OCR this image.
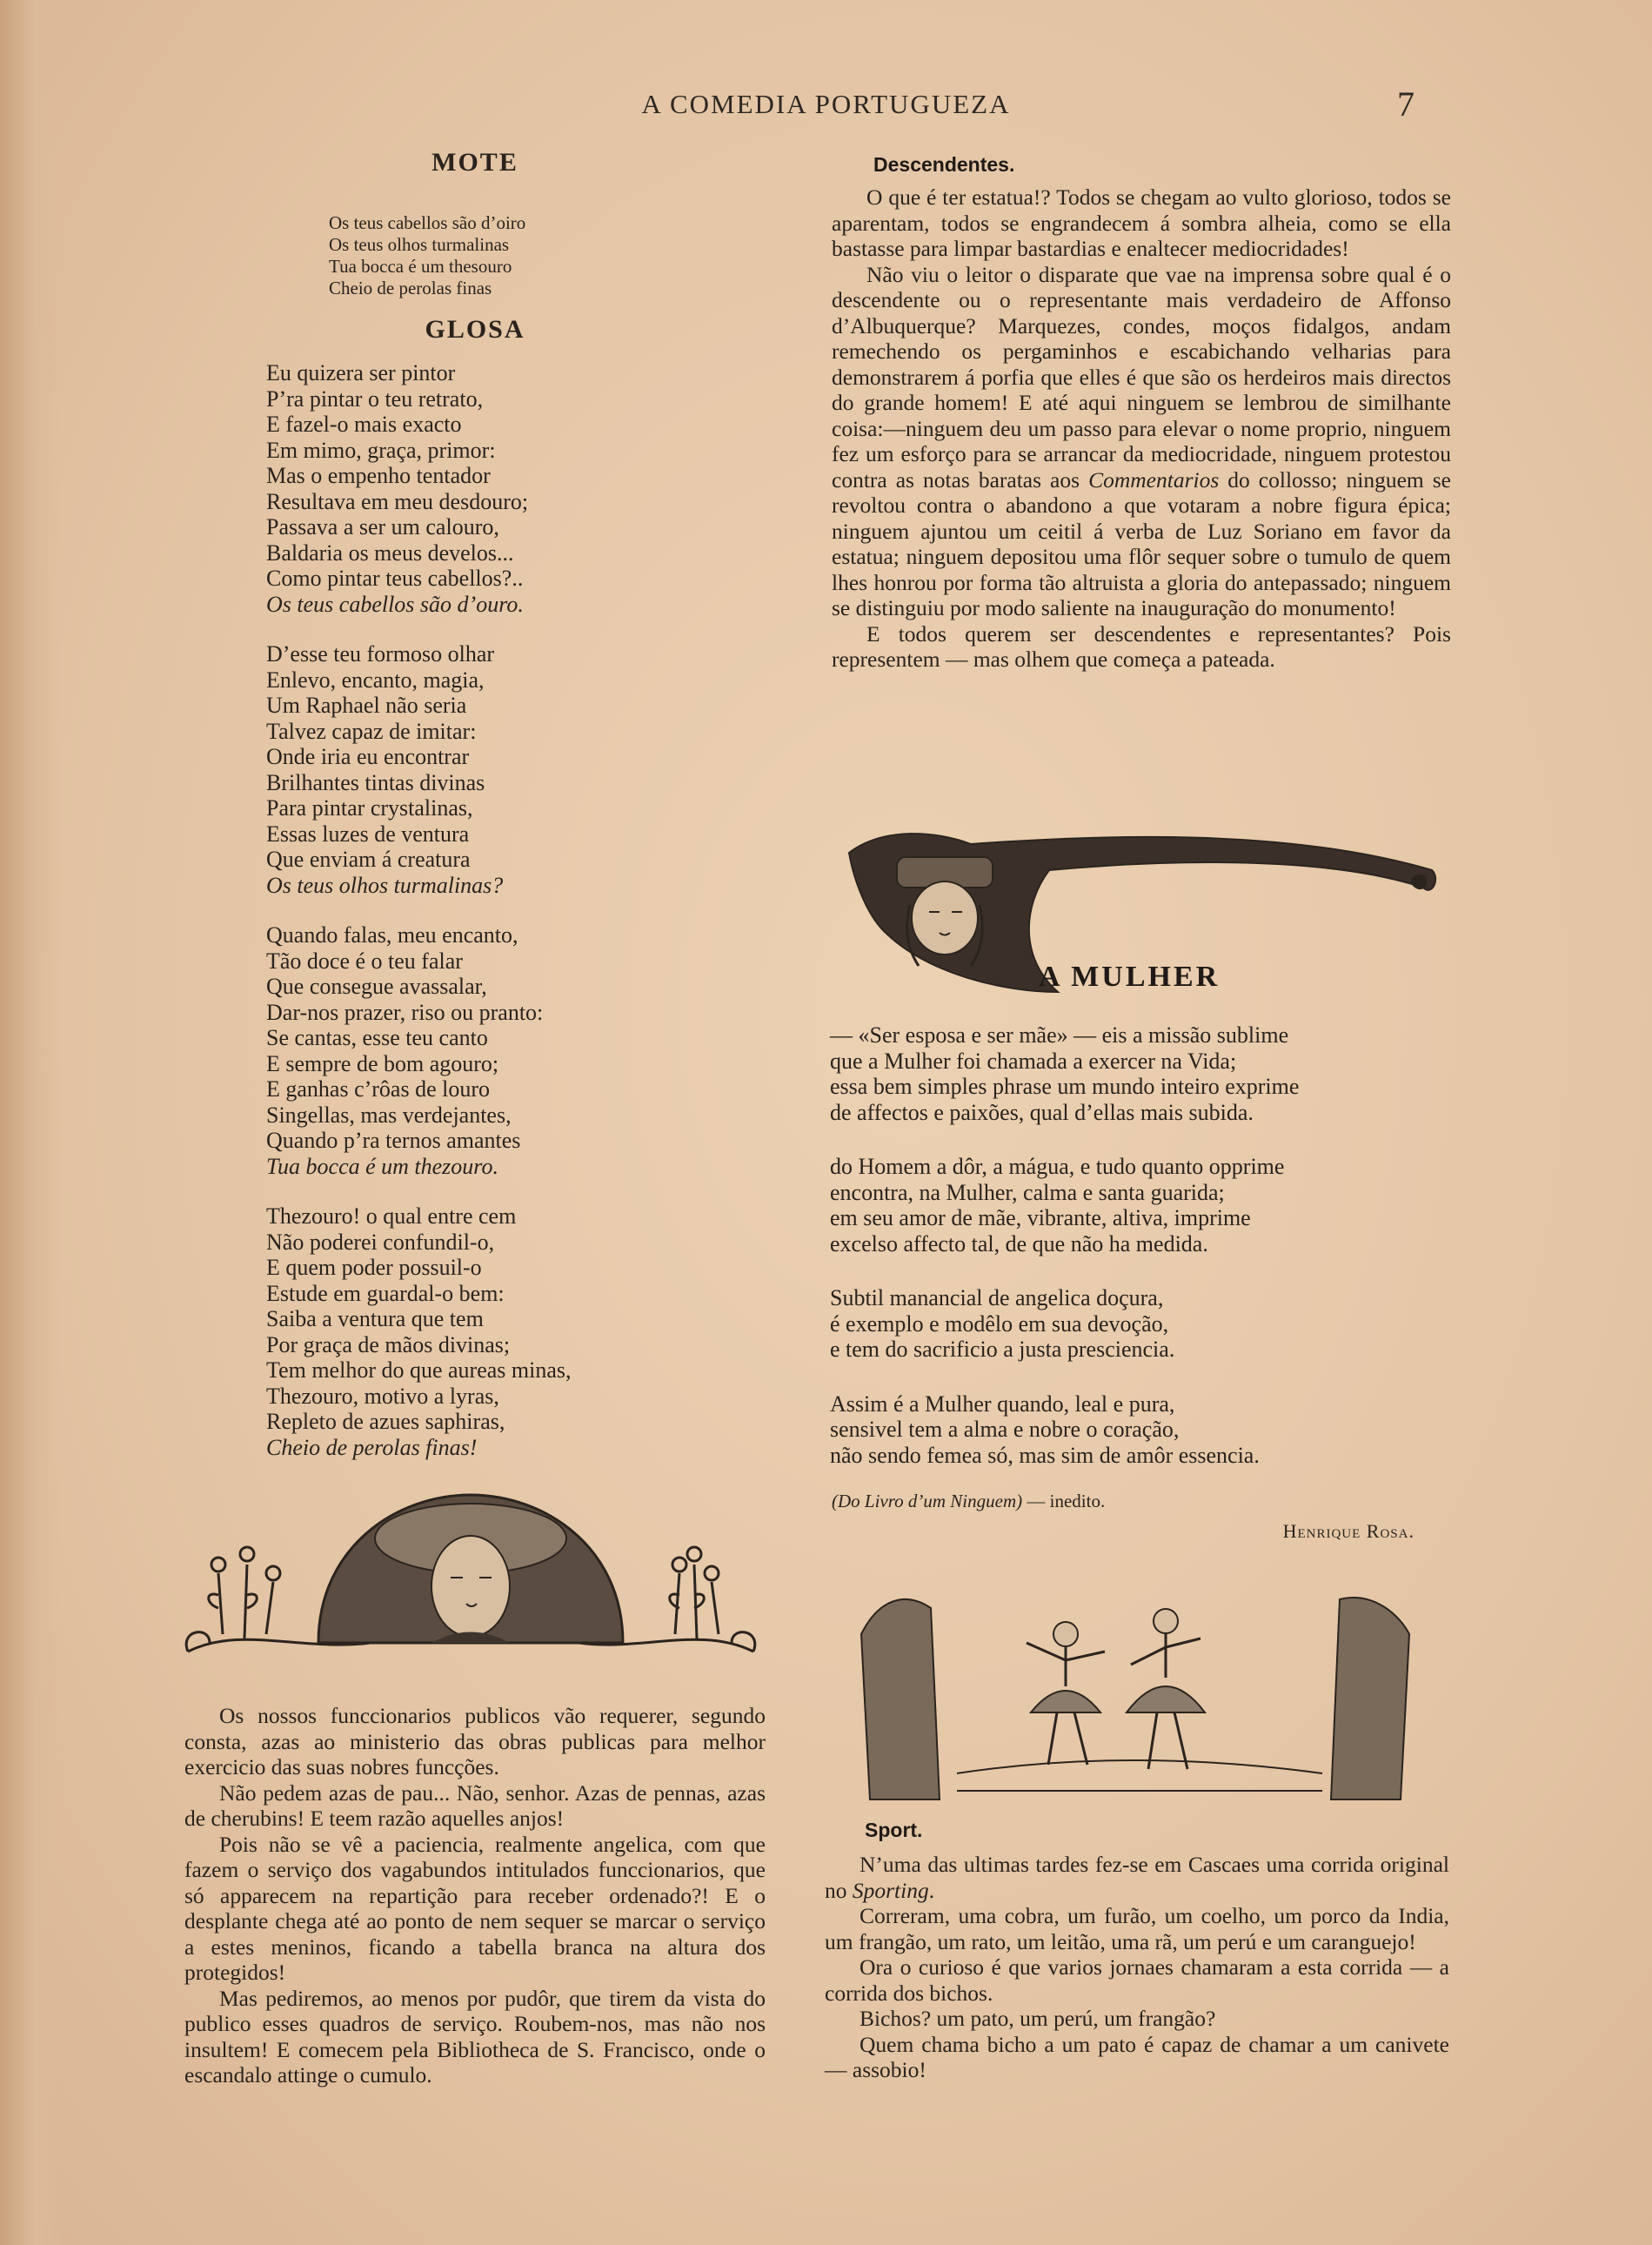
A COMEDIA PORTUGUEZA	7
MOTE
Os teus cabellos são d’oiro
Os teus olhos turmalinas
Tua bocca é um thesouro
Cheio de perolas finas
GLOSA
Eu quizera ser pintor
P’ra pintar o teu retrato,
E fazel-o mais exacto
Em mimo, graça, primor:
Mas o empenho tentador
Resultava em meu desdouro;
Passava a ser um calouro,
Baldaria os meus develos...
Como pintar teus cabellos?..
Os teus cabellos são d’ouro.
D’esse teu formoso olhar
Enlevo, encanto, magia,
Um Raphael não seria
Talvez capaz de imitar:
Onde iria eu encontrar
Brilhantes tintas divinas
Para pintar crystalinas,
Essas luzes de ventura
Que enviam á creatura
Os teus olhos turmalinas?
Quando falas, meu encanto,
Tão doce é o teu falar
Que consegue avassalar,
Dar-nos prazer, riso ou pranto:
Se cantas, esse teu canto
E sempre de bom agouro;
E ganhas c’rôas de louro
Singellas, mas verdejantes,
Quando p’ra ternos amantes
Tua bocca é um thezouro.
Thezouro! o qual entre cem
Não poderei confundil-o,
E quem poder possuil-o
Estude em guardal-o bem:
Saiba a ventura que tem
Por graça de mãos divinas;
Tem melhor do que aureas minas,
Thezouro, motivo a lyras,
Repleto de azues saphiras,
Cheio de perolas finas!

Os nossos funccionarios publicos vão requerer, segundo consta, azas ao ministerio das obras publicas para melhor exercicio das suas nobres funcções.

Não pedem azas de pau... Não, senhor. Azas de pennas, azas de cherubins! E teem razão aquelles anjos!

Pois não se vê a paciencia, realmente angelica, com que fazem o serviço dos vagabundos intitulados funccionarios, que só apparecem na repartição para receber ordenado?! E o desplante chega até ao ponto de nem sequer se marcar o serviço a estes meninos, ficando a tabella branca na altura dos protegidos!

Mas pediremos, ao menos por pudôr, que tirem da vista do publico esses quadros de serviço. Roubem-nos, mas não nos insultem! E comecem pela Bibliotheca de S. Francisco, onde o escandalo attinge o cumulo.

Descendentes.

O que é ter estatua!? Todos se chegam ao vulto glorioso, todos se aparentam, todos se engrandecem á sombra alheia, como se ella bastasse para limpar bastardias e enaltecer mediocridades!

Não viu o leitor o disparate que vae na imprensa sobre qual é o descendente ou o representante mais verdadeiro de Affonso d’Albuquerque? Marquezes, condes, moços fidalgos, andam remechendo os pergaminhos e escabichando velharias para demonstrarem á porfia que elles é que são os herdeiros mais directos do grande homem! E até aqui ninguem se lembrou de similhante coisa:—ninguem deu um passo para elevar o nome proprio, ninguem fez um esforço para se arrancar da mediocridade, ninguem protestou contra as notas baratas aos Commentarios do collosso; ninguem se revoltou contra o abandono a que votaram a nobre figura épica; ninguem ajuntou um ceitil á verba de Luz Soriano em favor da estatua; ninguem depositou uma flôr sequer sobre o tumulo de quem lhes honrou por forma tão altruista a gloria do antepassado; ninguem se distinguiu por modo saliente na inauguração do monumento!

E todos querem ser descendentes e representantes? Pois representem — mas olhem que começa a pateada.

A MULHER
— «Ser esposa e ser mãe» — eis a missão sublime
que a Mulher foi chamada a exercer na Vida;
essa bem simples phrase um mundo inteiro exprime
de affectos e paixões, qual d’ellas mais subida.
do Homem a dôr, a mágua, e tudo quanto opprime
encontra, na Mulher, calma e santa guarida;
em seu amor de mãe, vibrante, altiva, imprime
excelso affecto tal, de que não ha medida.
Subtil manancial de angelica doçura,
é exemplo e modêlo em sua devoção,
e tem do sacrificio a justa presciencia.
Assim é a Mulher quando, leal e pura,
sensivel tem a alma e nobre o coração,
não sendo femea só, mas sim de amôr essencia.
(Do Livro d’um Ninguem) — inedito.
Henrique Rosa.
Sport.

N’uma das ultimas tardes fez-se em Cascaes uma corrida original no Sporting.

Correram, uma cobra, um furão, um coelho, um porco da India, um frangão, um rato, um leitão, uma rã, um perú e um caranguejo!

Ora o curioso é que varios jornaes chamaram a esta corrida — a corrida dos bichos.

Bichos? um pato, um perú, um frangão?

Quem chama bicho a um pato é capaz de chamar a um canivete — assobio!
